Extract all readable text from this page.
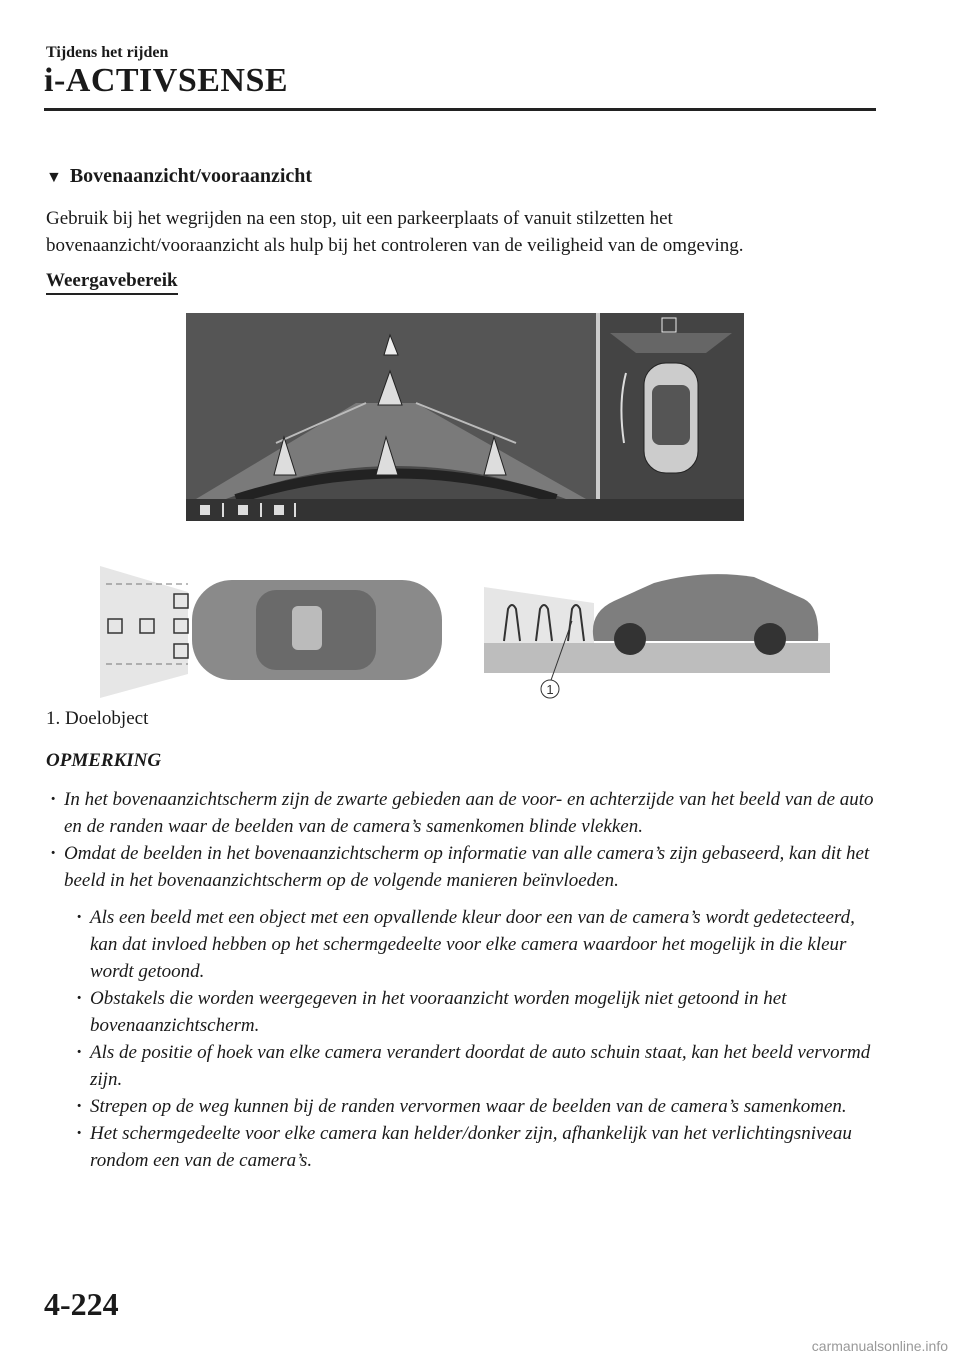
Tijdens het rijden
i-ACTIVSENSE
▼ Bovenaanzicht/vooraanzicht
Gebruik bij het wegrijden na een stop, uit een parkeerplaats of vanuit stilzetten het bovenaanzicht/vooraanzicht als hulp bij het controleren van de veiligheid van de omgeving.
Weergavebereik
1
1. Doelobject
OPMERKING
· In het bovenaanzichtscherm zijn de zwarte gebieden aan de voor- en achterzijde van het beeld van de auto en de randen waar de beelden van de camera’s samenkomen blinde vlekken.
· Omdat de beelden in het bovenaanzichtscherm op informatie van alle camera’s zijn gebaseerd, kan dit het beeld in het bovenaanzichtscherm op de volgende manieren beïnvloeden.
· Als een beeld met een object met een opvallende kleur door een van de camera’s wordt gedetecteerd, kan dat invloed hebben op het schermgedeelte voor elke camera waardoor het mogelijk in die kleur wordt getoond.
· Obstakels die worden weergegeven in het vooraanzicht worden mogelijk niet getoond in het bovenaanzichtscherm.
· Als de positie of hoek van elke camera verandert doordat de auto schuin staat, kan het beeld vervormd zijn.
· Strepen op de weg kunnen bij de randen vervormen waar de beelden van de camera’s samenkomen.
· Het schermgedeelte voor elke camera kan helder/donker zijn, afhankelijk van het verlichtingsniveau rondom een van de camera’s.
4-224
carmanualsonline.info
